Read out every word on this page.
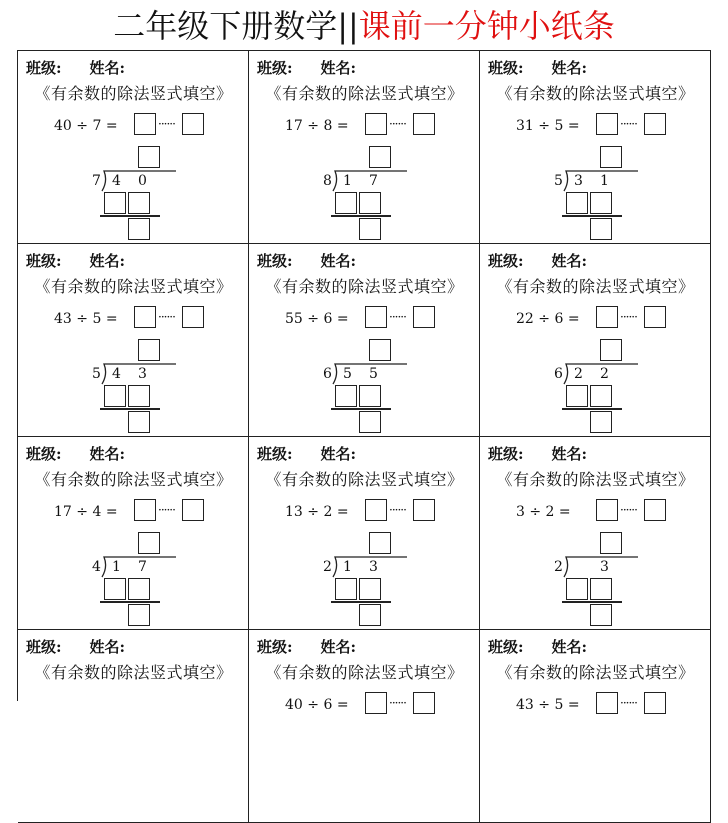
二年级下册数学||课前一分钟小纸条
班级: 姓名:
《有余数的除法竖式填空》
40 ÷ 7 =	······
7 4 0
班级: 姓名:
《有余数的除法竖式填空》
17 ÷ 8 =	······
8 1 7
班级: 姓名:
《有余数的除法竖式填空》
31 ÷ 5 =	······
5 3 1
班级: 姓名:
《有余数的除法竖式填空》
43 ÷ 5 =	······
5 4 3
班级: 姓名:
《有余数的除法竖式填空》
55 ÷ 6 =	······
6 5 5
班级: 姓名:
《有余数的除法竖式填空》
22 ÷ 6 =	······
6 2 2
班级: 姓名:
《有余数的除法竖式填空》
17 ÷ 4 =	······
4 1 7
班级: 姓名:
《有余数的除法竖式填空》
13 ÷ 2 =	······
2 1 3
班级: 姓名:
《有余数的除法竖式填空》
3 ÷ 2 =	······
2	3
班级: 姓名:
《有余数的除法竖式填空》
班级: 姓名:
《有余数的除法竖式填空》
40 ÷ 6 =	······
班级: 姓名:
《有余数的除法竖式填空》
43 ÷ 5 =	······
